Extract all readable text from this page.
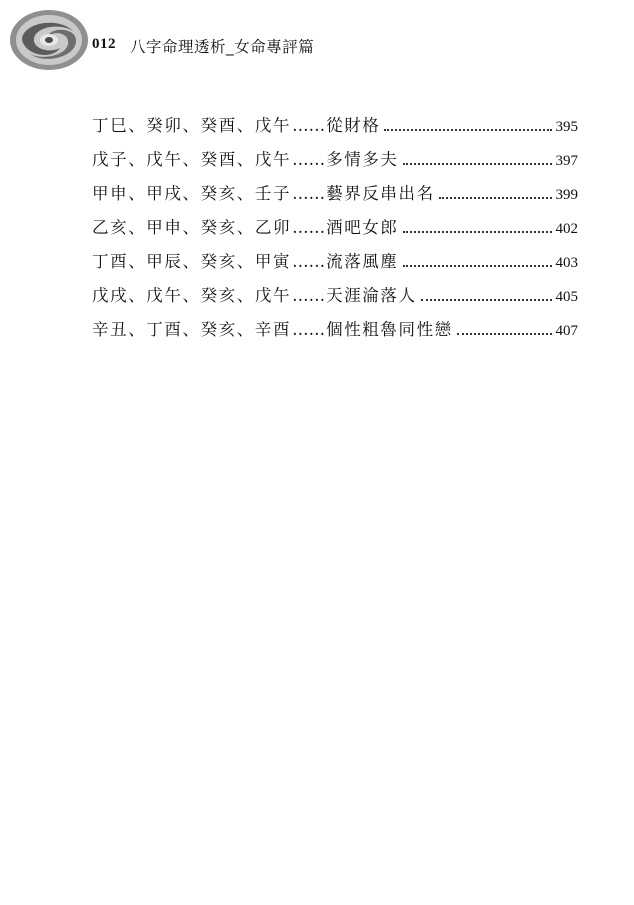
012 八字命理透析_女命專評篇
丁巳、癸卯、癸酉、戊午 …… 從財格	395
戊子、戊午、癸酉、戊午 …… 多情多夫	397
甲申、甲戌、癸亥、壬子 …… 藝界反串出名	399
乙亥、甲申、癸亥、乙卯 …… 酒吧女郎	402
丁酉、甲辰、癸亥、甲寅 …… 流落風塵	403
戊戌、戊午、癸亥、戊午 …… 天涯淪落人	405
辛丑、丁酉、癸亥、辛酉 …… 個性粗魯同性戀	407
